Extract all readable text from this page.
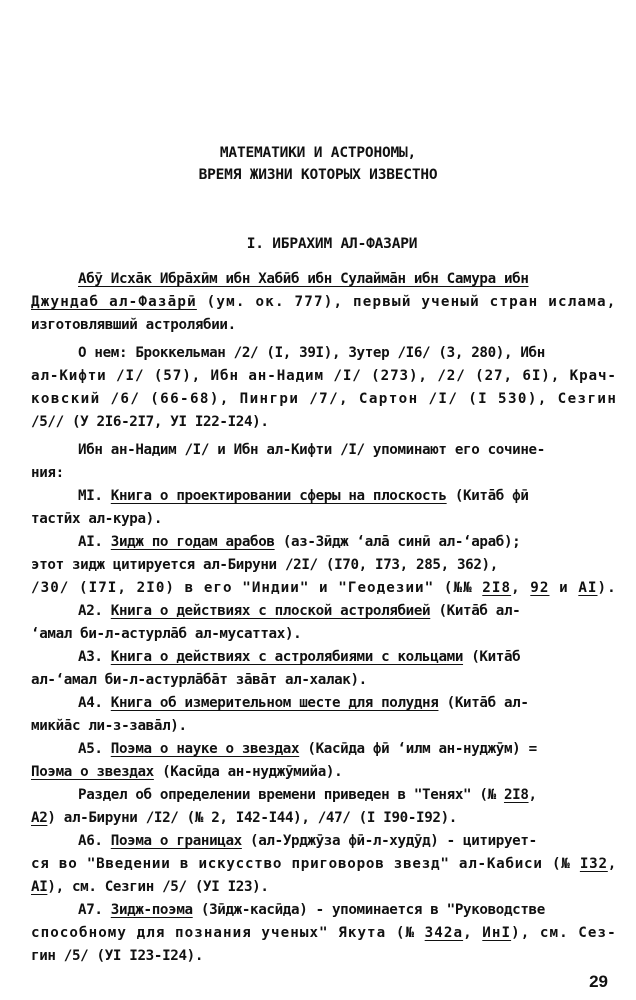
МАТЕМАТИКИ И АСТРОНОМЫ,
ВРЕМЯ ЖИЗНИ КОТОРЫХ ИЗВЕСТНО
I. ИБРАХИМ АЛ-ФАЗАРИ
Абӯ Исхāк Ибрāхӣм ибн Хабӣб ибн Сулаймāн ибн Самура ибн
Джундаб ал-Фазāрӣ (ум. ок. 777), первый ученый стран ислама,
изготовлявший астролябии.
О нем: Броккельман /2/ (I, 39I), Зутер /I6/ (3, 280), Ибн
ал-Кифти /I/ (57), Ибн ан-Надим /I/ (273), /2/ (27, 6I), Крач-
ковский /6/ (66-68), Пингри /7/, Сартон /I/ (I 530), Сезгин
/5// (У 2I6-2I7, УI I22-I24).
Ибн ан-Надим /I/ и Ибн ал-Кифти /I/ упоминают его сочине-
ния:
МI. Книга о проектировании сферы на плоскость (Китāб фӣ
тастӣх ал-кура).
АI. Зидж по годам арабов (аз-Зӣдж ʻалā синӣ ал-ʻараб);
этот зидж цитируется ал-Бируни /2I/ (I70, I73, 285, 362),
/30/ (I7I, 2I0) в его "Индии" и "Геодезии" (№№ 2I8, 92 и АI).
А2. Книга о действиях с плоской астролябией (Китāб ал-
ʻамал би-л-астурлāб ал-мусаттах).
А3. Книга о действиях с астролябиями с кольцами (Китāб
ал-ʻамал би-л-астурлāбāт зāвāт ал-халак).
А4. Книга об измерительном шесте для полудня (Китāб ал-
микйāс ли-з-завāл).
А5. Поэма о науке о звездах (Касӣда фӣ ʻилм ан-нуджӯм) =
Поэма о звездах (Касӣда ан-нуджӯмийа).
Раздел об определении времени приведен в "Тенях" (№ 2I8,
А2) ал-Бируни /I2/ (№ 2, I42-I44), /47/ (I I90-I92).
А6. Поэма о границах (ал-Урджӯза фӣ-л-худӯд) - цитирует-
ся во "Введении в искусство приговоров звезд" ал-Кабиси (№ I32,
АI), см. Сезгин /5/ (УI I23).
А7. Зидж-поэма (Зӣдж-касӣда) - упоминается в "Руководстве
способному для познания ученых" Якута (№ 342а, ИнI), см. Сез-
гин /5/ (УI I23-I24).
29
